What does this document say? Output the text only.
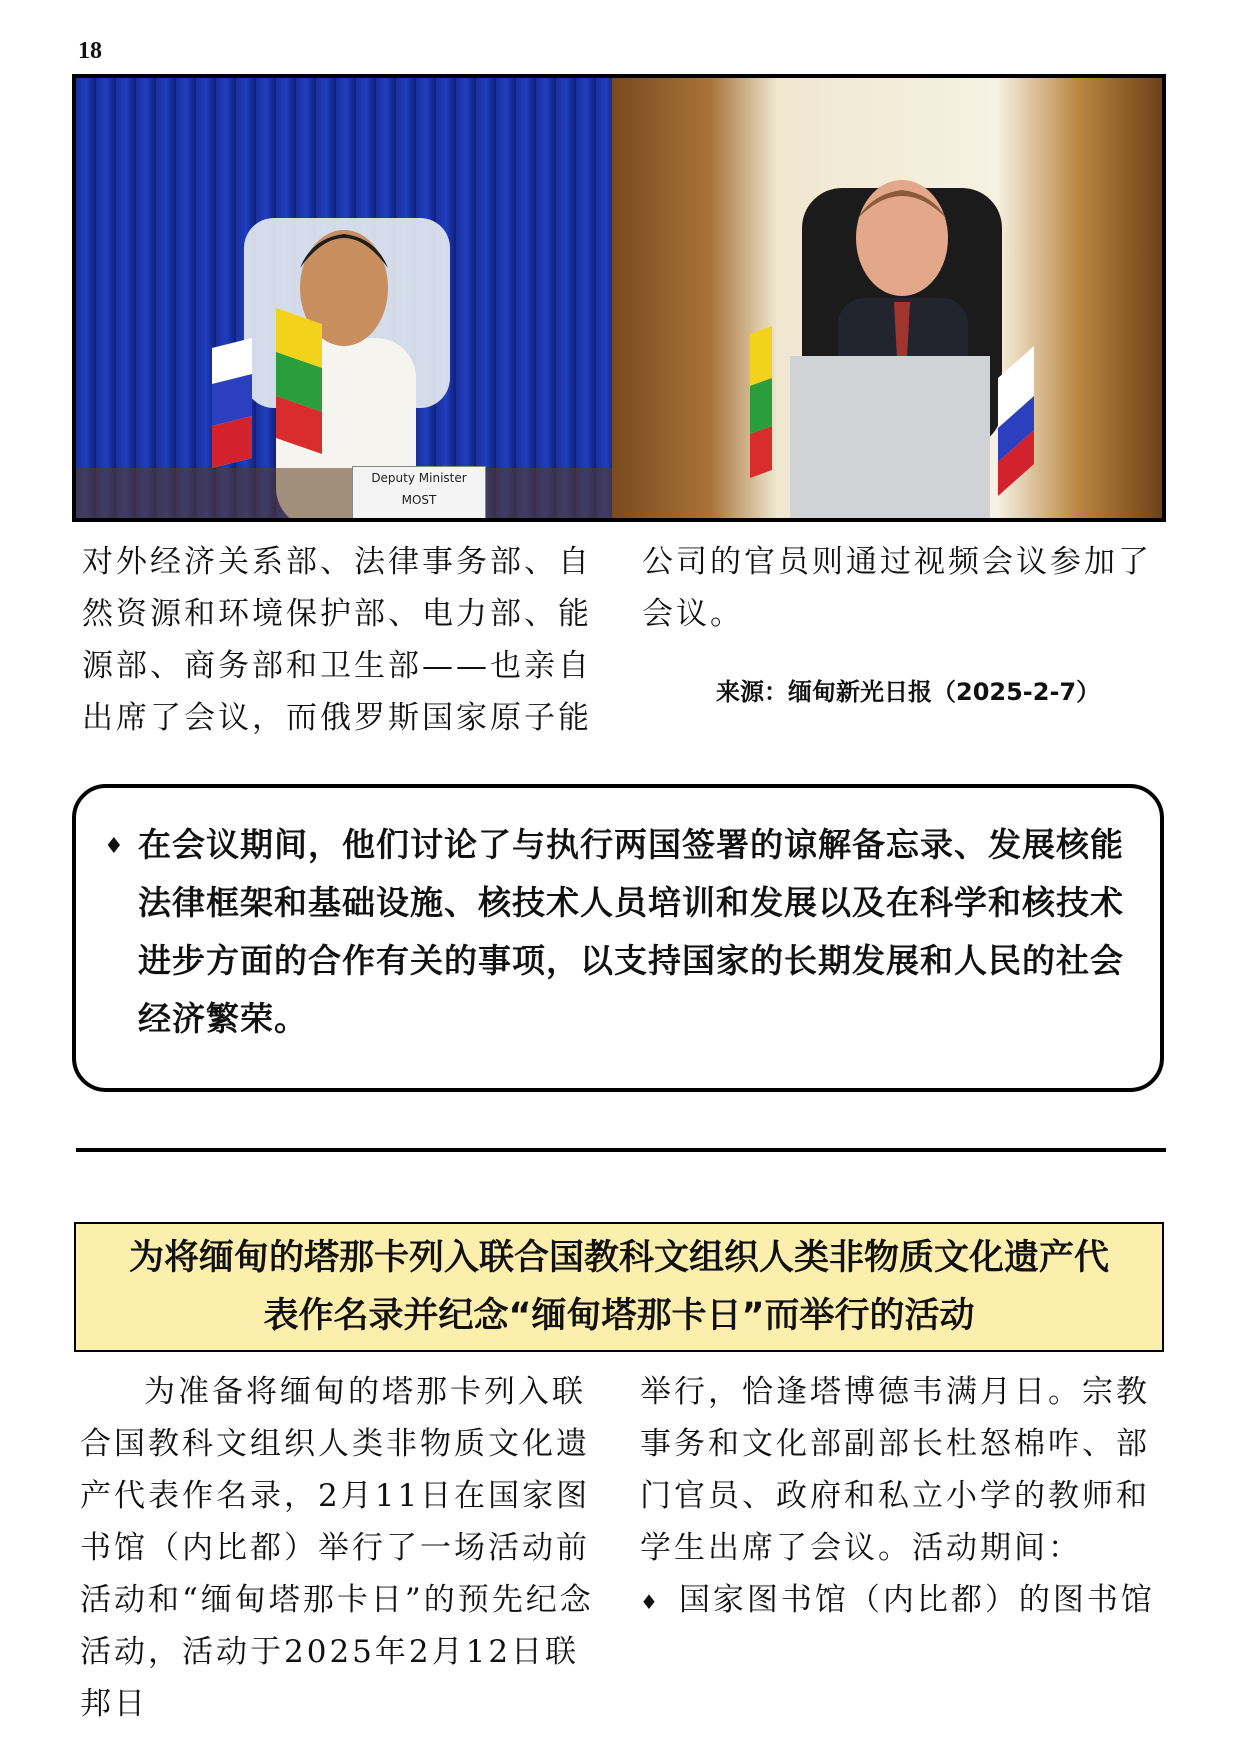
18
Deputy Minister
MOST

对外经济关系部、法律事务部、自然资源和环境保护部、电力部、能源部、商务部和卫生部——也亲自出席了会议，而俄罗斯国家原子能

公司的官员则通过视频会议参加了会议。

来源：缅甸新光日报（2025-2-7）
♦ 在会议期间，他们讨论了与执行两国签署的谅解备忘录、发展核能法律框架和基础设施、核技术人员培训和发展以及在科学和核技术进步方面的合作有关的事项，以支持国家的长期发展和人民的社会经济繁荣。

为将缅甸的塔那卡列入联合国教科文组织人类非物质文化遗产代
表作名录并纪念“缅甸塔那卡日”而举行的活动

为准备将缅甸的塔那卡列入联合国教科文组织人类非物质文化遗产代表作名录，2月11日在国家图书馆（内比都）举行了一场活动前活动和“缅甸塔那卡日”的预先纪念活动，活动于2025年2月12日联邦日

举行，恰逢塔博德韦满月日。宗教事务和文化部副部长杜怒棉咋、部门官员、政府和私立小学的教师和学生出席了会议。活动期间：

♦ 国家图书馆（内比都）的图书馆
